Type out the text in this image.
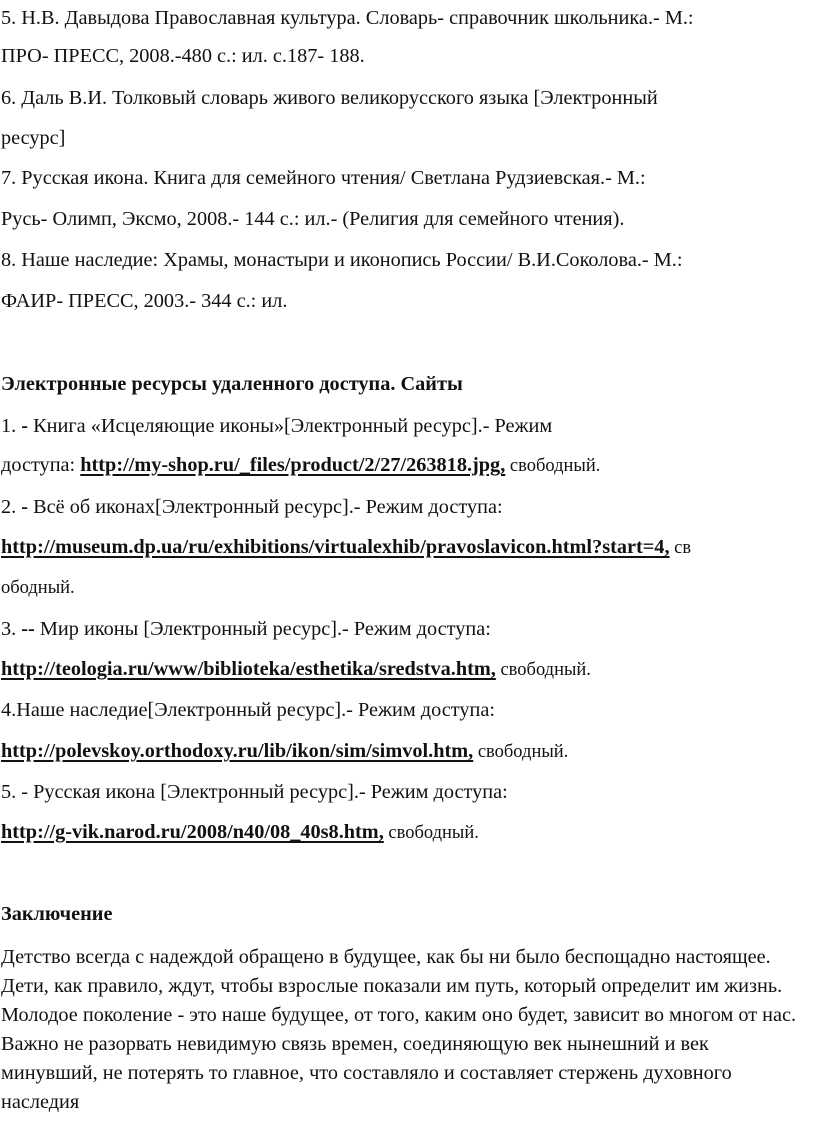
5. Н.В. Давыдова Православная культура. Словарь- справочник школьника.- М.:
ПРО- ПРЕСС, 2008.-480 с.: ил. с.187- 188.
6. Даль В.И. Толковый словарь живого великорусского языка [Электронный
ресурс]
7. Русская икона. Книга для семейного чтения/ Светлана Рудзиевская.- М.:
Русь- Олимп, Эксмо, 2008.- 144 с.: ил.- (Религия для семейного чтения).
8. Наше наследие: Храмы, монастыри и иконопись России/ В.И.Соколова.- М.:
ФАИР- ПРЕСС, 2003.- 344 с.: ил.
Электронные ресурсы удаленного доступа. Сайты
1. - Книга «Исцеляющие иконы»[Электронный ресурс].- Режим
доступа: http://my-shop.ru/_files/product/2/27/263818.jpg, свободный.
2. - Всё об иконах[Электронный ресурс].- Режим доступа:
http://museum.dp.ua/ru/exhibitions/virtualexhib/pravoslavicon.html?start=4, св
ободный.
3. -- Мир иконы [Электронный ресурс].- Режим доступа:
http://teologia.ru/www/biblioteka/esthetika/sredstva.htm, свободный.
4.Наше наследие[Электронный ресурс].- Режим доступа:
http://polevskoy.orthodoxy.ru/lib/ikon/sim/simvol.htm, свободный.
5. - Русская икона [Электронный ресурс].- Режим доступа:
http://g-vik.narod.ru/2008/n40/08_40s8.htm, свободный.
Заключение
Детство всегда с надеждой обращено в будущее, как бы ни было беспощадно настоящее. Дети, как правило, ждут, чтобы взрослые показали им путь, который определит им жизнь. Молодое поколение - это наше будущее, от того, каким оно будет, зависит во многом от нас. Важно не разорвать невидимую связь времен, соединяющую век нынешний и век минувший, не потерять то главное, что составляло и составляет стержень духовного наследия
